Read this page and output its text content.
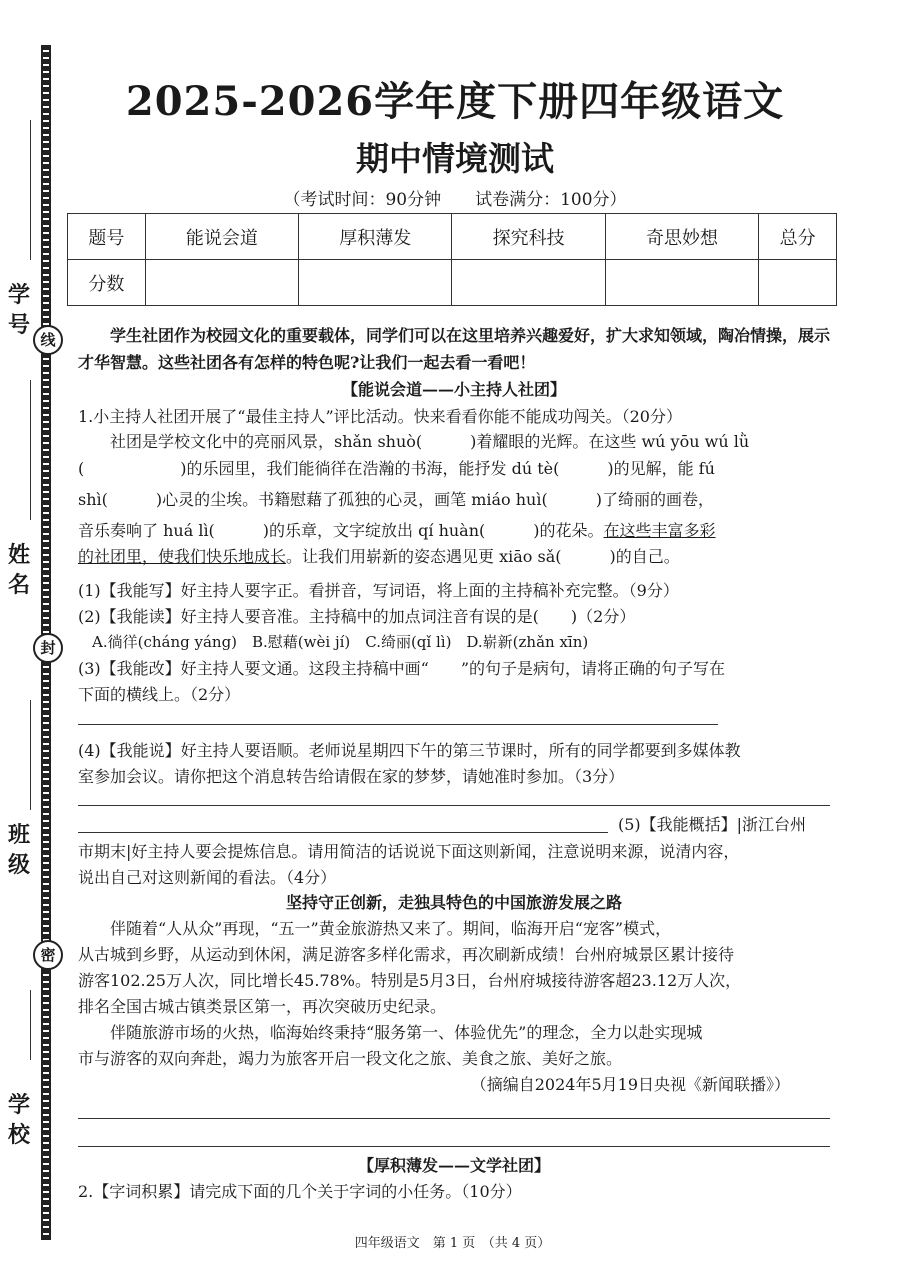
学号
姓名
班级
学校
线
封
密
2025-2026学年度下册四年级语文
期中情境测试
（考试时间：90分钟　　试卷满分：100分）
题号	能说会道	厚积薄发	探究科技	奇思妙想	总分
分数					
学生社团作为校园文化的重要载体，同学们可以在这里培养兴趣爱好，扩大求知领域，陶冶情操，展示才华智慧。这些社团各有怎样的特色呢?让我们一起去看一看吧！
【能说会道——小主持人社团】
1.小主持人社团开展了“最佳主持人”评比活动。快来看看你能不能成功闯关。（20分）
社团是学校文化中的亮丽风景，shǎn shuò(　　　)着耀眼的光辉。在这些 wú yōu wú lǜ
(　　　　　　)的乐园里，我们能徜徉在浩瀚的书海，能抒发 dú tè(　　　)的见解，能 fú
shì(　　　)心灵的尘埃。书籍慰藉了孤独的心灵，画笔 miáo huì(　　　)了绮丽的画卷，
音乐奏响了 huá lì(　　　)的乐章，文字绽放出 qí huàn(　　　)的花朵。在这些丰富多彩
的社团里，使我们快乐地成长。让我们用崭新的姿态遇见更 xiāo sǎ(　　　)的自己。
(1)【我能写】好主持人要字正。看拼音，写词语，将上面的主持稿补充完整。（9分）
(2)【我能读】好主持人要音准。主持稿中的加点词注音有误的是(　　)（2分）
A.徜徉(cháng yáng)　B.慰藉(wèi jí)　C.绮丽(qǐ lì)　D.崭新(zhǎn xīn)
(3)【我能改】好主持人要文通。这段主持稿中画“　　”的句子是病句，请将正确的句子写在
下面的横线上。（2分）
(4)【我能说】好主持人要语顺。老师说星期四下午的第三节课时，所有的同学都要到多媒体教
室参加会议。请你把这个消息转告给请假在家的梦梦，请她准时参加。（3分）
(5)【我能概括】|浙江台州
市期末|好主持人要会提炼信息。请用简洁的话说说下面这则新闻，注意说明来源，说清内容，
说出自己对这则新闻的看法。（4分）
坚持守正创新，走独具特色的中国旅游发展之路
伴随着“人从众”再现，“五一”黄金旅游热又来了。期间，临海开启“宠客”模式，
从古城到乡野，从运动到休闲，满足游客多样化需求，再次刷新成绩！台州府城景区累计接待
游客102.25万人次，同比增长45.78%。特别是5月3日，台州府城接待游客超23.12万人次，
排名全国古城古镇类景区第一，再次突破历史纪录。
伴随旅游市场的火热，临海始终秉持“服务第一、体验优先”的理念，全力以赴实现城
市与游客的双向奔赴，竭力为旅客开启一段文化之旅、美食之旅、美好之旅。
（摘编自2024年5月19日央视《新闻联播》）
【厚积薄发——文学社团】
2.【字词积累】请完成下面的几个关于字词的小任务。（10分）
四年级语文　第 1 页　（共 4 页）
